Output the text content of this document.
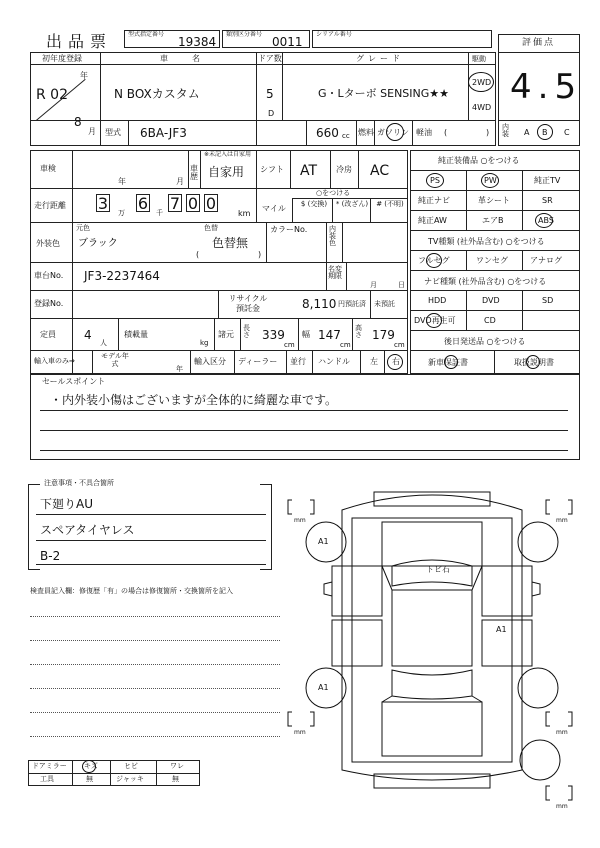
出品票	型式指定番号
19384
類別区分番号
0011
シリアル番号
評価点
4.5
内装	A B C
初年度登録	車　名	ドア数	グレード	駆動
年
R 02
8
月
N BOXカスタム	5
D
G・Lターボ SENSING★★
2WD
4WD
型式 6BA-JF3	660 cc 燃料 ガソリン 軽油 (	)
車検
年	月
車歴
※未記入は自家用
自家用 シフト AT 冷房 AC
走行距離 3 万 6 千 7 0 0
km
マイル
○をつける
$ (交換)	* (改ざん)	# (不明)
元色
外装色 ブラック
色替
色替無
(	)
カラーNo.	内装色
車台No. JF3-2237464	名変期限
月	日
登録No.
リサイクル預託金	8,110 円預託済 未預託
定員 4
人
積載量
kg
諸元
長さ 339
cm
幅 147
cm
高さ 179
cm
輸入車のみ⇒
モデル年式
年
輸入区分 ディーラー 並行 ハンドル	左 右
純正装備品 ○をつける
PS	PW	純正TV
純正ナビ	革シート	SR
純正AW	エアB	ABS
TV種類 (社外品含む) ○をつける
フルセグ	ワンセグ	アナログ
ナビ種類 (社外品含む) ○をつける
HDD	DVD	SD
DVD再生可	CD
後日発送品 ○をつける
新車保証書	取扱説明書
セールスポイント
・内外装小傷はございますが全体的に綺麗な車です。
注意事項・不具合箇所
下廻りAU
スペアタイヤレス
B-2
検査員記入欄：修復歴「有」の場合は修復箇所・交換箇所を記入
ドアミラー キズ	ヒビ	ワレ
工具	無	ジャッキ	無
mm	mm
mm	mm
mm
A1
A1
A1
トビ石
